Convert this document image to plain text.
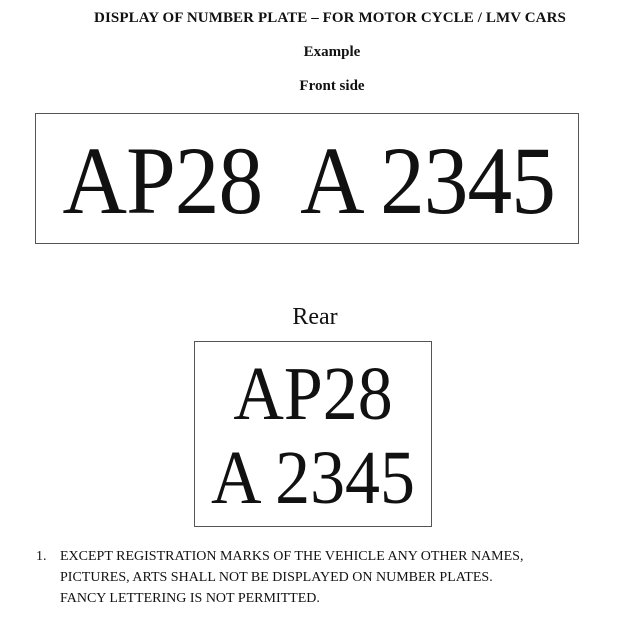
DISPLAY OF NUMBER PLATE – FOR MOTOR CYCLE / LMV CARS
Example
Front side
AP28  A 2345
Rear
AP28
A 2345
1. EXCEPT REGISTRATION MARKS OF THE VEHICLE ANY OTHER NAMES,
PICTURES, ARTS SHALL NOT BE DISPLAYED ON NUMBER PLATES.
FANCY LETTERING IS NOT PERMITTED.
